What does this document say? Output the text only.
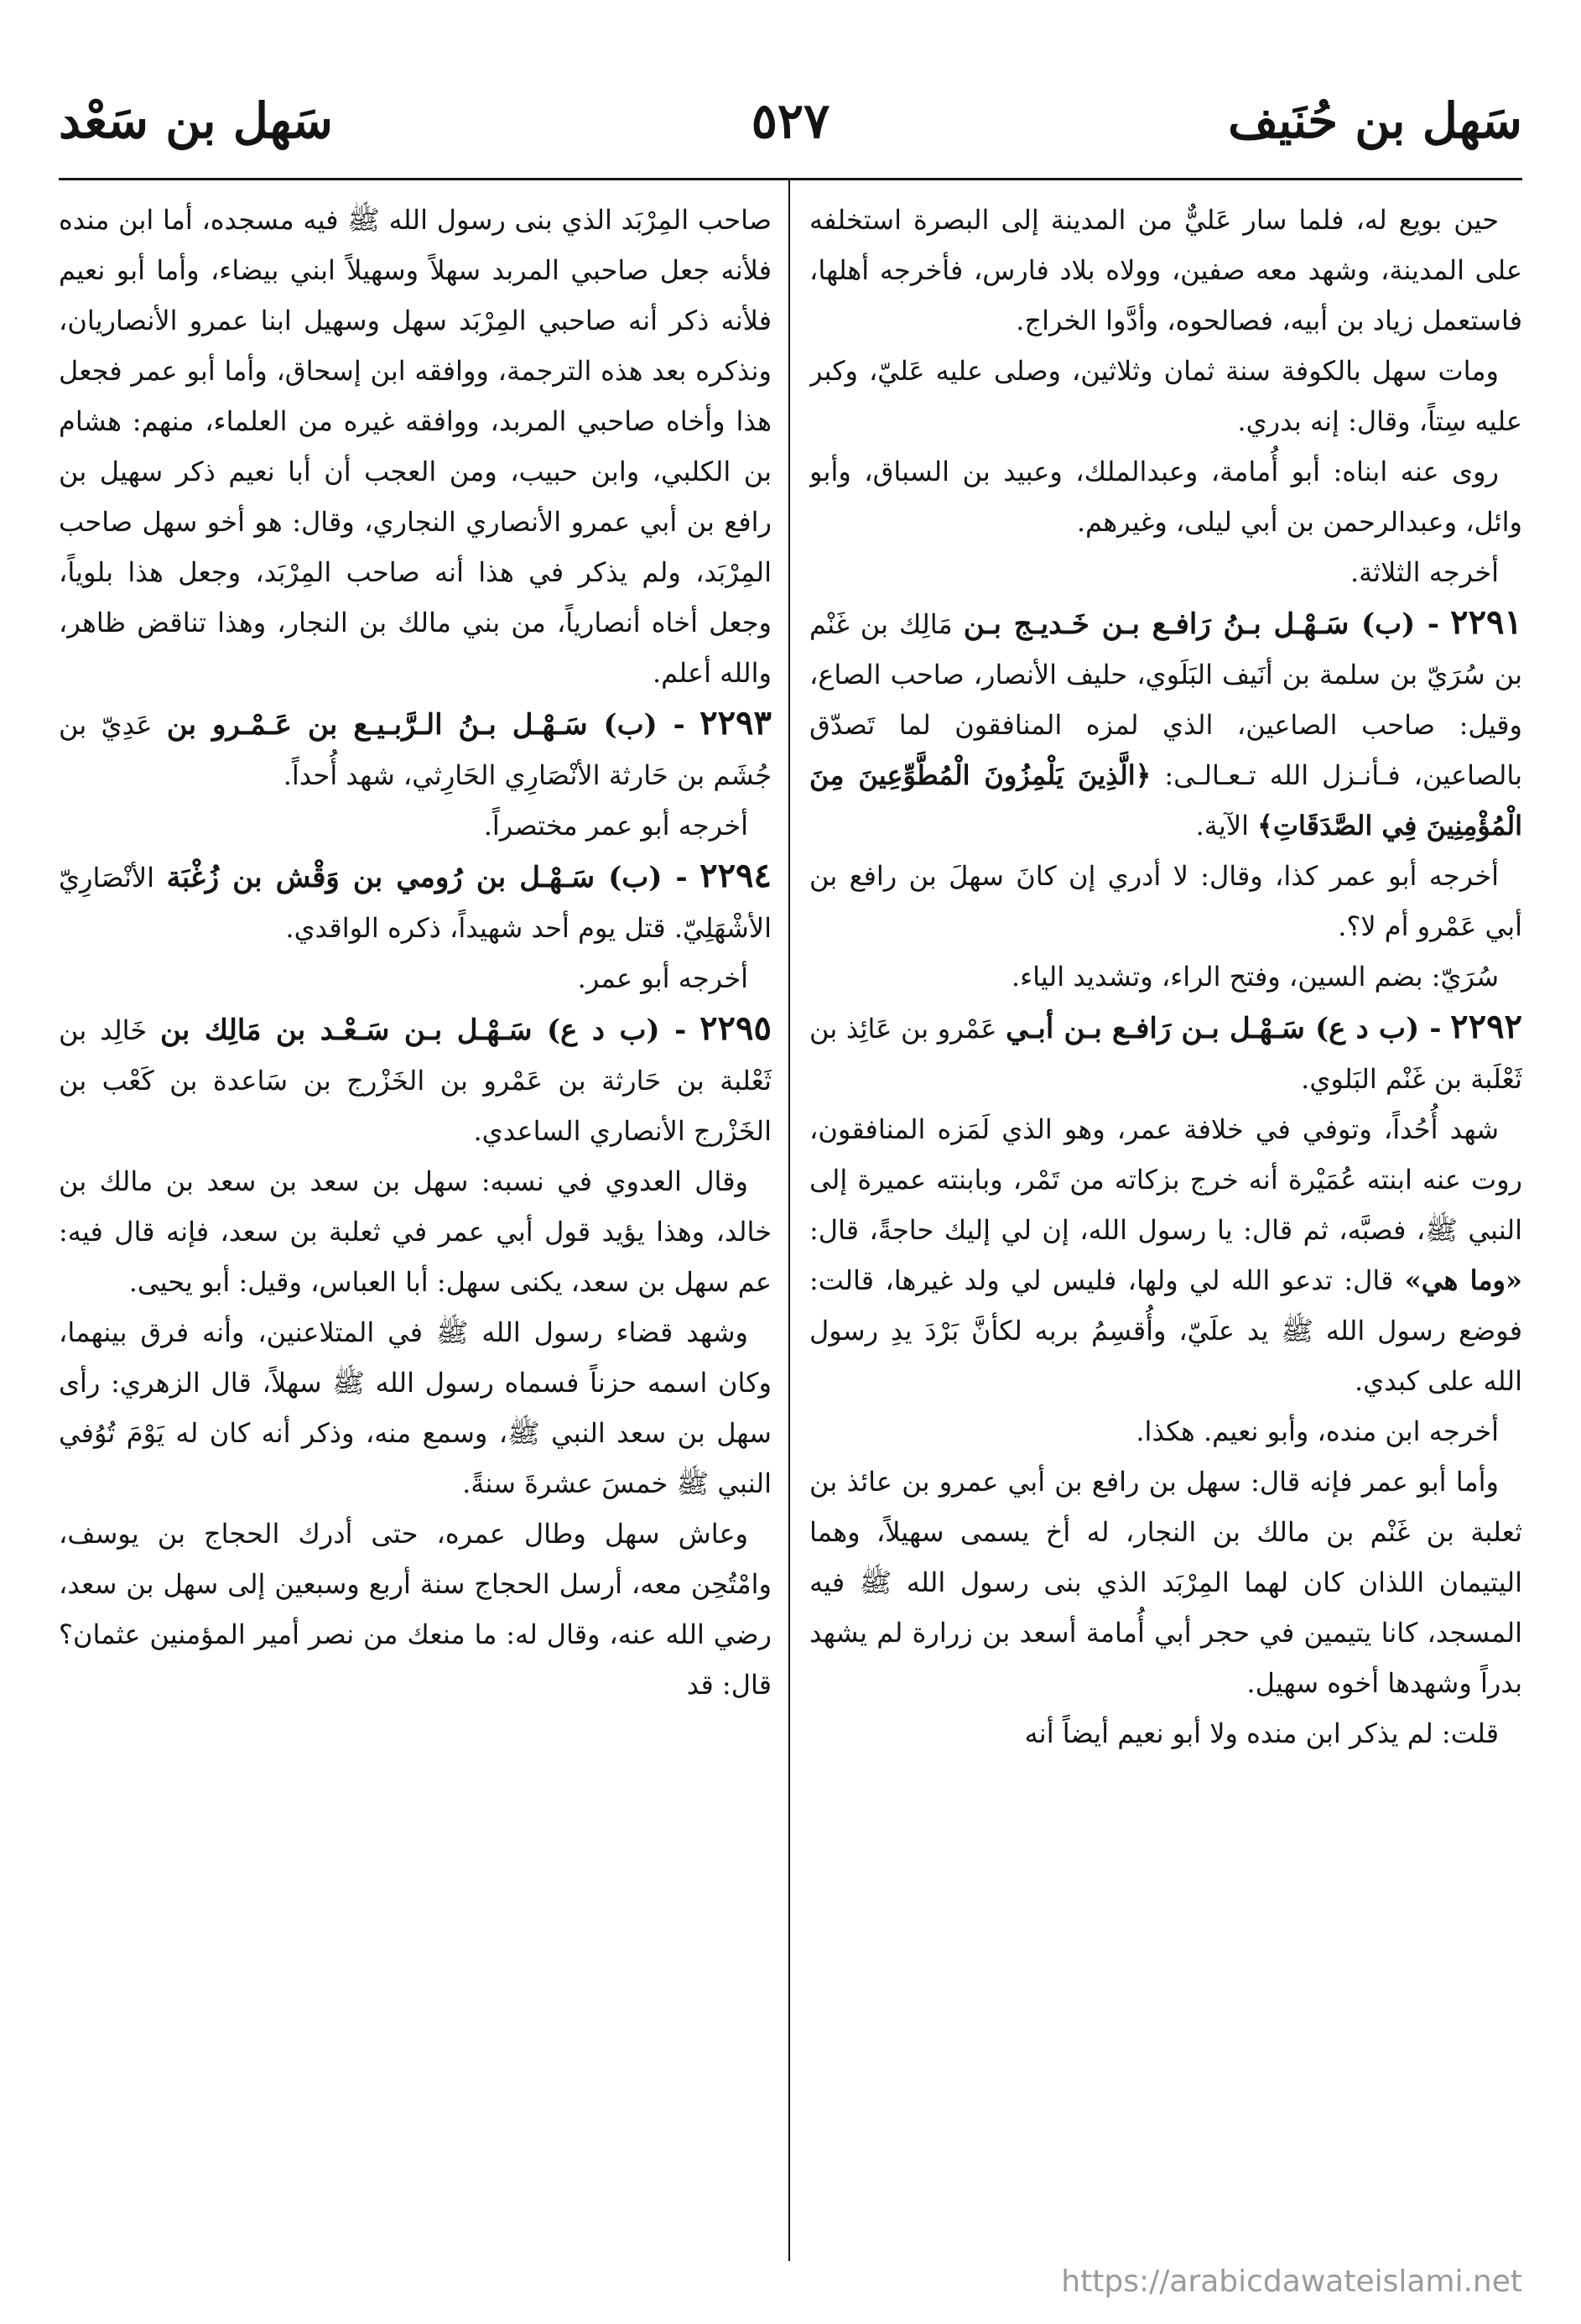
سَهل بن حُنَيف
٥٢٧
سَهل بن سَعْد

حين بويع له، فلما سار عَليٌّ من المدينة إلى البصرة استخلفه على المدينة، وشهد معه صفين، وولاه بلاد فارس، فأخرجه أهلها، فاستعمل زياد بن أبيه، فصالحوه، وأدَّوا الخراج.

ومات سهل بالكوفة سنة ثمان وثلاثين، وصلى عليه عَليّ، وكبر عليه سِتاً، وقال: إنه بدري.

روى عنه ابناه: أبو أُمامة، وعبدالملك، وعبيد بن السباق، وأبو وائل، وعبدالرحمن بن أبي ليلى، وغيرهم.

أخرجه الثلاثة.

٢٢٩١ - (ب) سَـهْـل بـنُ رَافـع بـن خَـديـج بـن مَالِك بن غَنْم بن سُرَيّ بن سلمة بن أنَيف البَلَوي، حليف الأنصار، صاحب الصاع، وقيل: صاحب الصاعين، الذي لمزه المنافقون لما تَصدّق بالصاعين، فـأنـزل الله تـعـالـى: ﴿الَّذِينَ يَلْمِزُونَ الْمُطَّوِّعِينَ مِنَ الْمُؤْمِنِينَ فِي الصَّدَقَاتِ﴾ الآية.

أخرجه أبو عمر كذا، وقال: لا أدري إن كانَ سهلَ بن رافع بن أبي عَمْرو أم لا؟.

سُرَيّ: بضم السين، وفتح الراء، وتشديد الياء.

٢٢٩٢ - (ب د ع) سَـهْـل بـن رَافـع بـن أبـي عَمْرو بن عَائِذ بن ثَعْلَبة بن غَنْم البَلوي.

شهد أُحُداً، وتوفي في خلافة عمر، وهو الذي لَمَزه المنافقون، روت عنه ابنته عُمَيْرة أنه خرج بزكاته من تَمْر، وبابنته عميرة إلى النبي ﷺ، فصبَّه، ثم قال: يا رسول الله، إن لي إليك حاجةً، قال: «وما هي» قال: تدعو الله لي ولها، فليس لي ولد غيرها، قالت: فوضع رسول الله ﷺ يد علَيّ، وأُقسِمُ بربه لكأنَّ بَرْدَ يدِ رسول الله على كبدي.

أخرجه ابن منده، وأبو نعيم. هكذا.

وأما أبو عمر فإنه قال: سهل بن رافع بن أبي عمرو بن عائذ بن ثعلبة بن غَنْم بن مالك بن النجار، له أخ يسمى سهيلاً، وهما اليتيمان اللذان كان لهما المِرْبَد الذي بنى رسول الله ﷺ فيه المسجد، كانا يتيمين في حجر أبي أُمامة أسعد بن زرارة لم يشهد بدراً وشهدها أخوه سهيل.

قلت: لم يذكر ابن منده ولا أبو نعيم أيضاً أنه

صاحب المِرْبَد الذي بنى رسول الله ﷺ فيه مسجده، أما ابن منده فلأنه جعل صاحبي المربد سهلاً وسهيلاً ابني بيضاء، وأما أبو نعيم فلأنه ذكر أنه صاحبي المِرْبَد سهل وسهيل ابنا عمرو الأنصاريان، ونذكره بعد هذه الترجمة، ووافقه ابن إسحاق، وأما أبو عمر فجعل هذا وأخاه صاحبي المربد، ووافقه غيره من العلماء، منهم: هشام بن الكلبي، وابن حبيب، ومن العجب أن أبا نعيم ذكر سهيل بن رافع بن أبي عمرو الأنصاري النجاري، وقال: هو أخو سهل صاحب المِرْبَد، ولم يذكر في هذا أنه صاحب المِرْبَد، وجعل هذا بلوياً، وجعل أخاه أنصارياً، من بني مالك بن النجار، وهذا تناقض ظاهر، والله أعلم.

٢٢٩٣ - (ب) سَـهْـل بـنُ الـرَّبـيـع بن عَـمْـرو بن عَدِيّ بن جُشَم بن حَارثة الأنْصَارِي الحَارِثي، شهد أُحداً.

أخرجه أبو عمر مختصراً.

٢٢٩٤ - (ب) سَـهْـل بن رُومي بن وَقْش بن زُغْبَة الأنْصَارِيّ الأشْهَلِيّ. قتل يوم أحد شهيداً، ذكره الواقدي.

أخرجه أبو عمر.

٢٢٩٥ - (ب د ع) سَـهْـل بـن سَـعْـد بن مَالِك بن خَالِد بن ثَعْلبة بن حَارثة بن عَمْرو بن الخَزْرج بن سَاعدة بن كَعْب بن الخَزْرج الأنصاري الساعدي.

وقال العدوي في نسبه: سهل بن سعد بن سعد بن مالك بن خالد، وهذا يؤيد قول أبي عمر في ثعلبة بن سعد، فإنه قال فيه: عم سهل بن سعد، يكنى سهل: أبا العباس، وقيل: أبو يحيى.

وشهد قضاء رسول الله ﷺ في المتلاعنين، وأنه فرق بينهما، وكان اسمه حزناً فسماه رسول الله ﷺ سهلاً، قال الزهري: رأى سهل بن سعد النبي ﷺ، وسمع منه، وذكر أنه كان له يَوْمَ تُوُفي النبي ﷺ خمسَ عشرةَ سنةً.

وعاش سهل وطال عمره، حتى أدرك الحجاج بن يوسف، وامْتُحِن معه، أرسل الحجاج سنة أربع وسبعين إلى سهل بن سعد، رضي الله عنه، وقال له: ما منعك من نصر أمير المؤمنين عثمان؟ قال: قد

https://arabicdawateislami.net
